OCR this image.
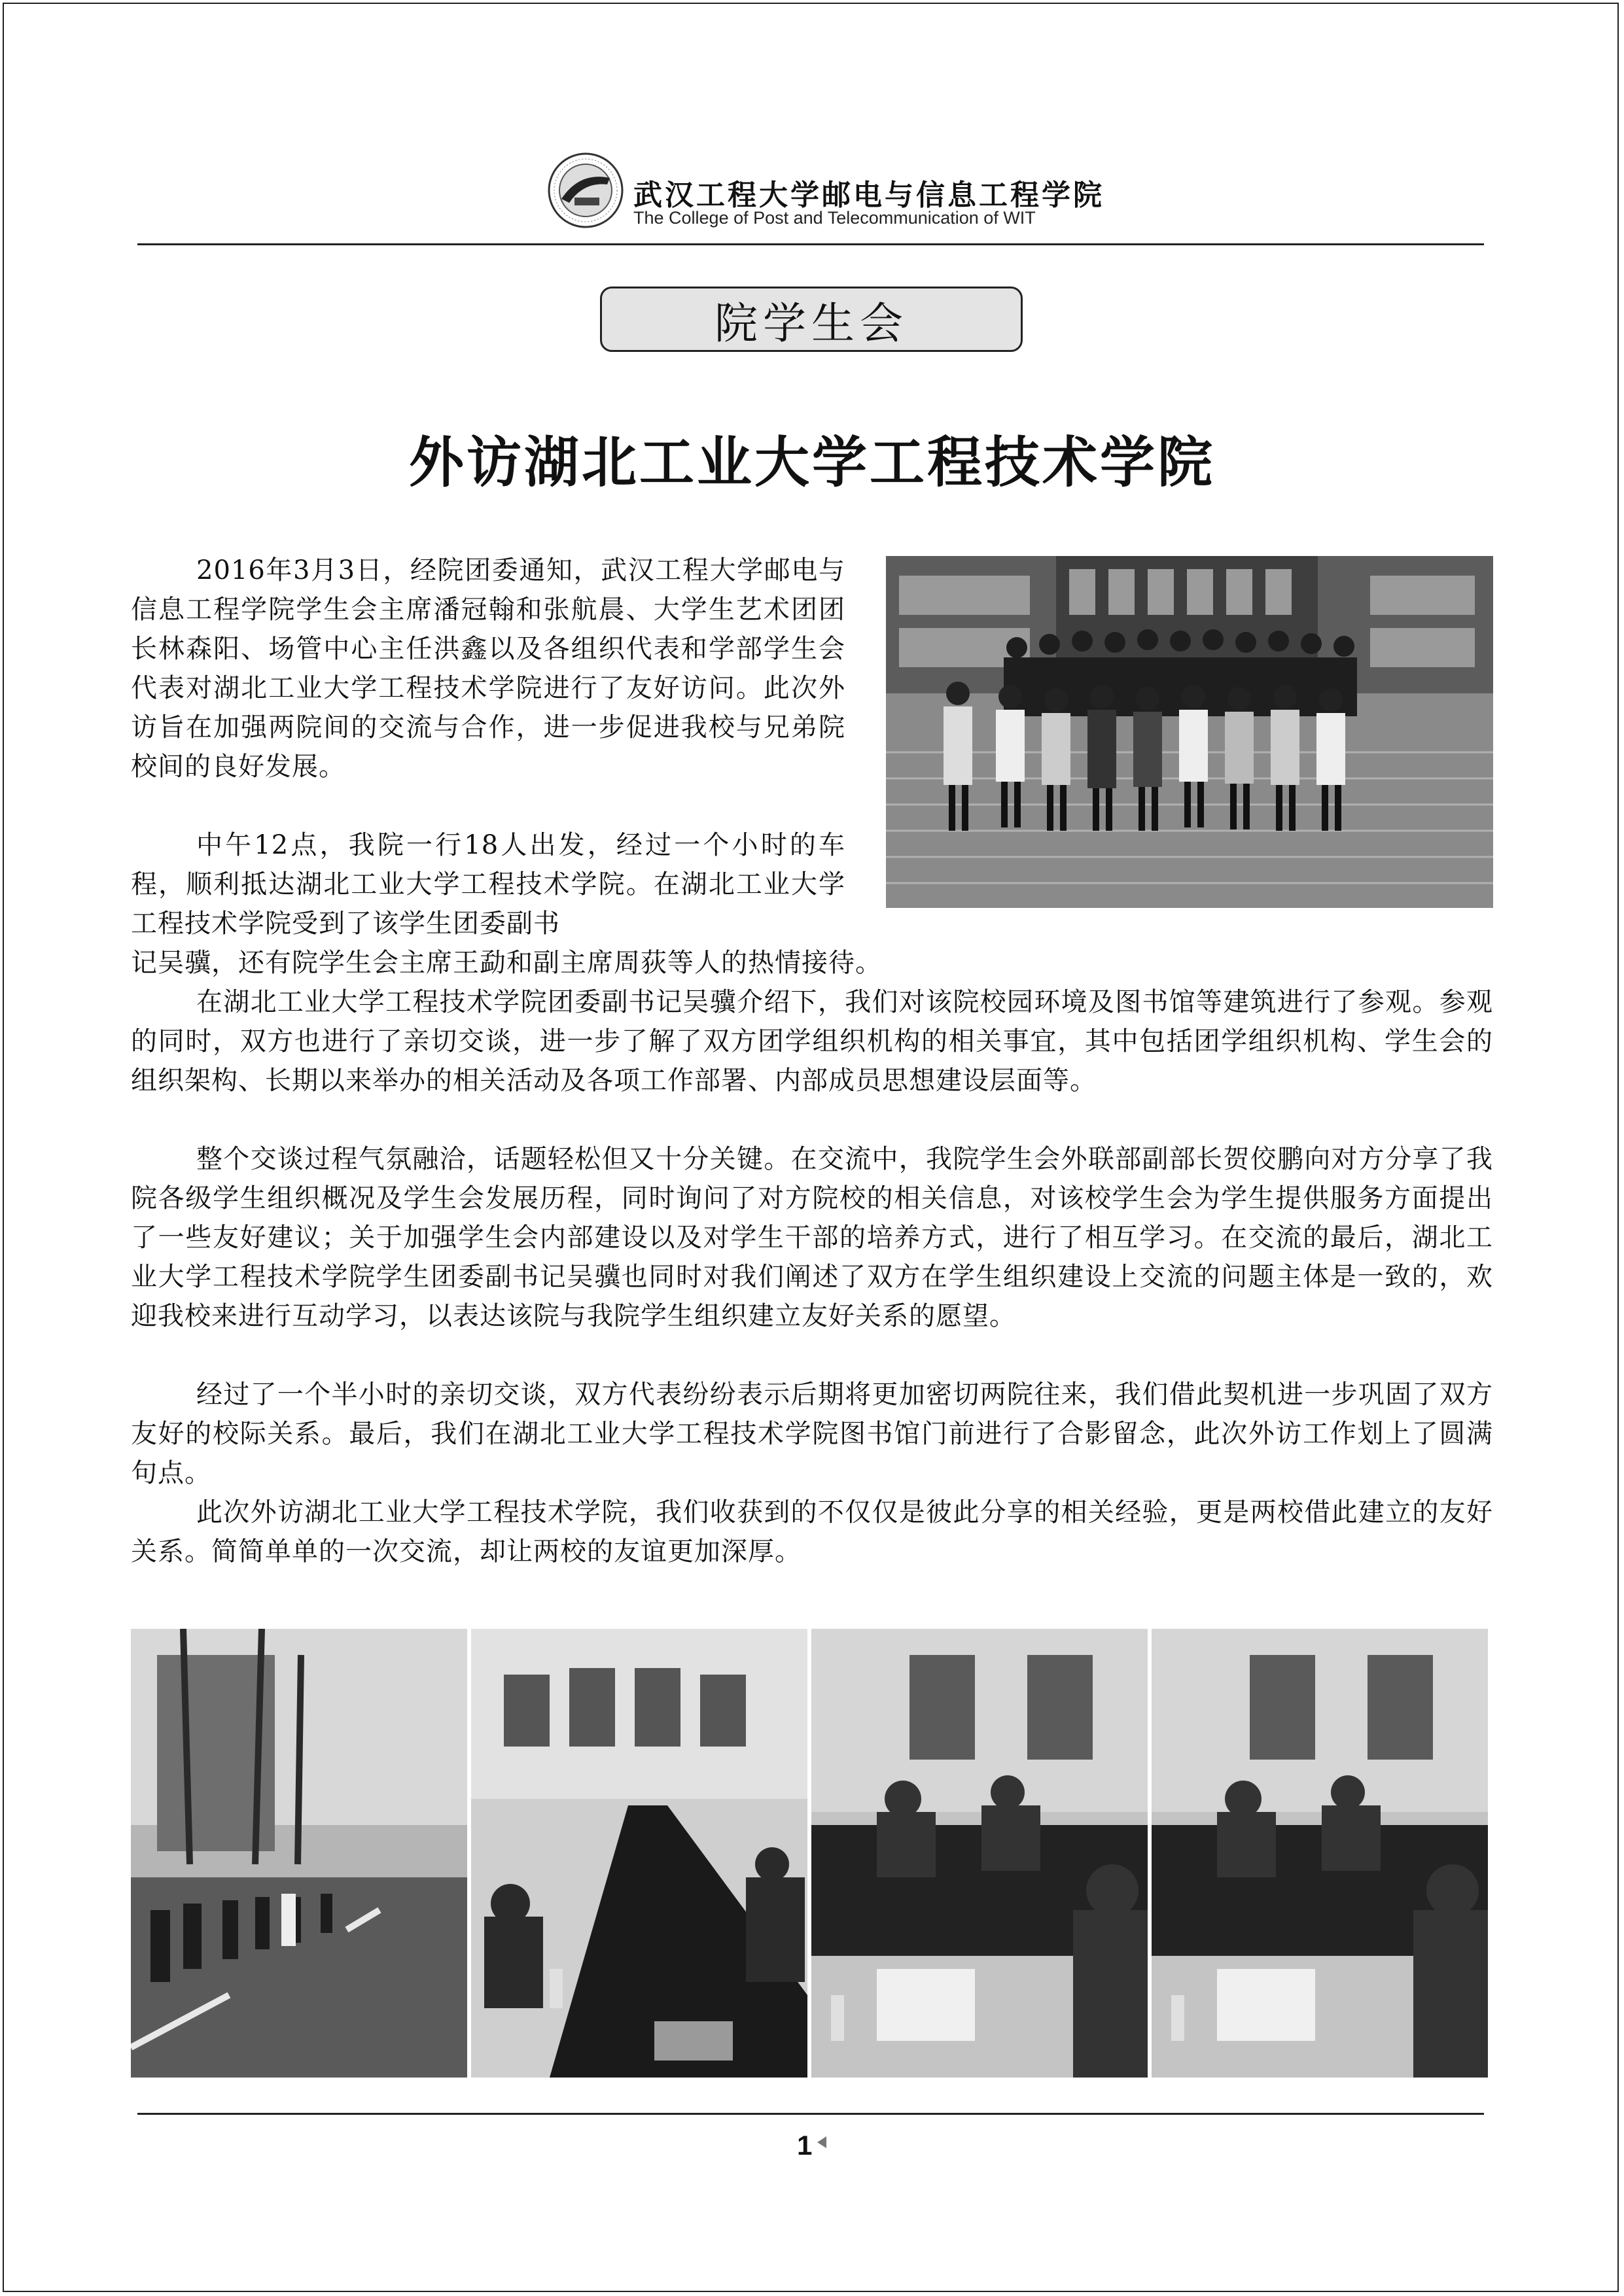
武汉工程大学邮电与信息工程学院
The College of Post and Telecommunication of WIT
院学生会
外访湖北工业大学工程技术学院

2016年3月3日，经院团委通知，武汉工程大学邮电与信息工程学院学生会主席潘冠翰和张航晨、大学生艺术团团长林森阳、场管中心主任洪鑫以及各组织代表和学部学生会代表对湖北工业大学工程技术学院进行了友好访问。此次外访旨在加强两院间的交流与合作，进一步促进我校与兄弟院校间的良好发展。

中午12点，我院一行18人出发，经过一个小时的车程，顺利抵达湖北工业大学工程技术学院。在湖北工业大学工程技术学院受到了该学生团委副书

记吴骥，还有院学生会主席王勐和副主席周荻等人的热情接待。

在湖北工业大学工程技术学院团委副书记吴骥介绍下，我们对该院校园环境及图书馆等建筑进行了参观。参观的同时，双方也进行了亲切交谈，进一步了解了双方团学组织机构的相关事宜，其中包括团学组织机构、学生会的组织架构、长期以来举办的相关活动及各项工作部署、内部成员思想建设层面等。

整个交谈过程气氛融洽，话题轻松但又十分关键。在交流中，我院学生会外联部副部长贺佼鹏向对方分享了我院各级学生组织概况及学生会发展历程，同时询问了对方院校的相关信息，对该校学生会为学生提供服务方面提出了一些友好建议；关于加强学生会内部建设以及对学生干部的培养方式，进行了相互学习。在交流的最后，湖北工业大学工程技术学院学生团委副书记吴骥也同时对我们阐述了双方在学生组织建设上交流的问题主体是一致的，欢迎我校来进行互动学习，以表达该院与我院学生组织建立友好关系的愿望。

经过了一个半小时的亲切交谈，双方代表纷纷表示后期将更加密切两院往来，我们借此契机进一步巩固了双方友好的校际关系。最后，我们在湖北工业大学工程技术学院图书馆门前进行了合影留念，此次外访工作划上了圆满句点。

此次外访湖北工业大学工程技术学院，我们收获到的不仅仅是彼此分享的相关经验，更是两校借此建立的友好关系。简简单单的一次交流，却让两校的友谊更加深厚。

1
